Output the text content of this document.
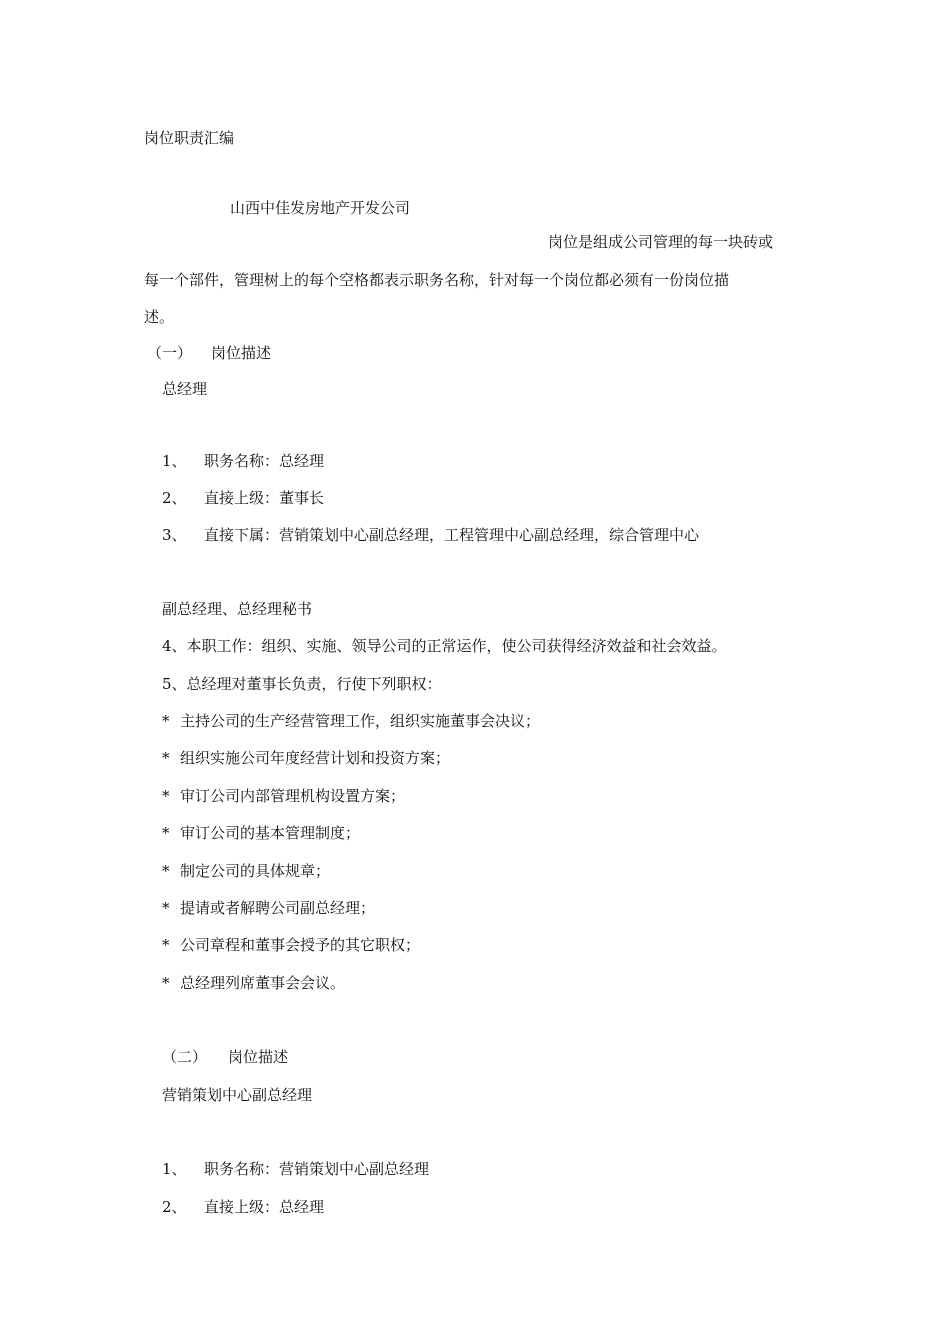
岗位职责汇编
山西中佳发房地产开发公司
岗位是组成公司管理的每一块砖或
每一个部件，管理树上的每个空格都表示职务名称，针对每一个岗位都必须有一份岗位描
述。
（一） 岗位描述
总经理
1、 职务名称：总经理
2、 直接上级：董事长
3、 直接下属：营销策划中心副总经理，工程管理中心副总经理，综合管理中心
副总经理、总经理秘书
4、本职工作：组织、实施、领导公司的正常运作，使公司获得经济效益和社会效益。
5、总经理对董事长负责，行使下列职权：
* 主持公司的生产经营管理工作，组织实施董事会决议；
* 组织实施公司年度经营计划和投资方案；
* 审订公司内部管理机构设置方案；
* 审订公司的基本管理制度；
* 制定公司的具体规章；
* 提请或者解聘公司副总经理；
* 公司章程和董事会授予的其它职权；
* 总经理列席董事会会议。
（二） 岗位描述
营销策划中心副总经理
1、 职务名称：营销策划中心副总经理
2、 直接上级：总经理
